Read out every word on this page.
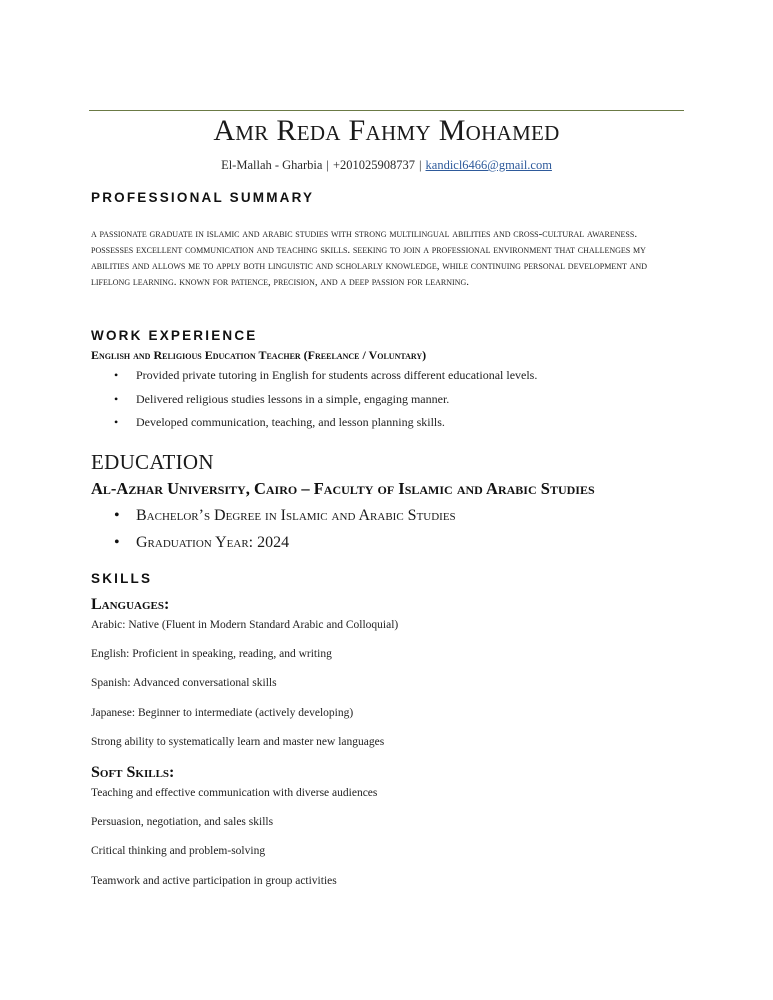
Amr Reda Fahmy Mohamed
El-Mallah - Gharbia | +201025908737 | kandicl6466@gmail.com
PROFESSIONAL SUMMARY
a passionate graduate in islamic and arabic studies with strong multilingual abilities and cross-cultural awareness. possesses excellent communication and teaching skills. seeking to join a professional environment that challenges my abilities and allows me to apply both linguistic and scholarly knowledge, while continuing personal development and lifelong learning. known for patience, precision, and a deep passion for learning.
WORK EXPERIENCE
English and Religious Education Teacher (Freelance / Voluntary)
• Provided private tutoring in English for students across different educational levels.
• Delivered religious studies lessons in a simple, engaging manner.
• Developed communication, teaching, and lesson planning skills.
EDUCATION
Al-Azhar University, Cairo – Faculty of Islamic and Arabic Studies
• Bachelor’s Degree in Islamic and Arabic Studies
• Graduation Year: 2024
SKILLS
Languages:
Arabic: Native (Fluent in Modern Standard Arabic and Colloquial)
English: Proficient in speaking, reading, and writing
Spanish: Advanced conversational skills
Japanese: Beginner to intermediate (actively developing)
Strong ability to systematically learn and master new languages
Soft Skills:
Teaching and effective communication with diverse audiences
Persuasion, negotiation, and sales skills
Critical thinking and problem-solving
Teamwork and active participation in group activities
